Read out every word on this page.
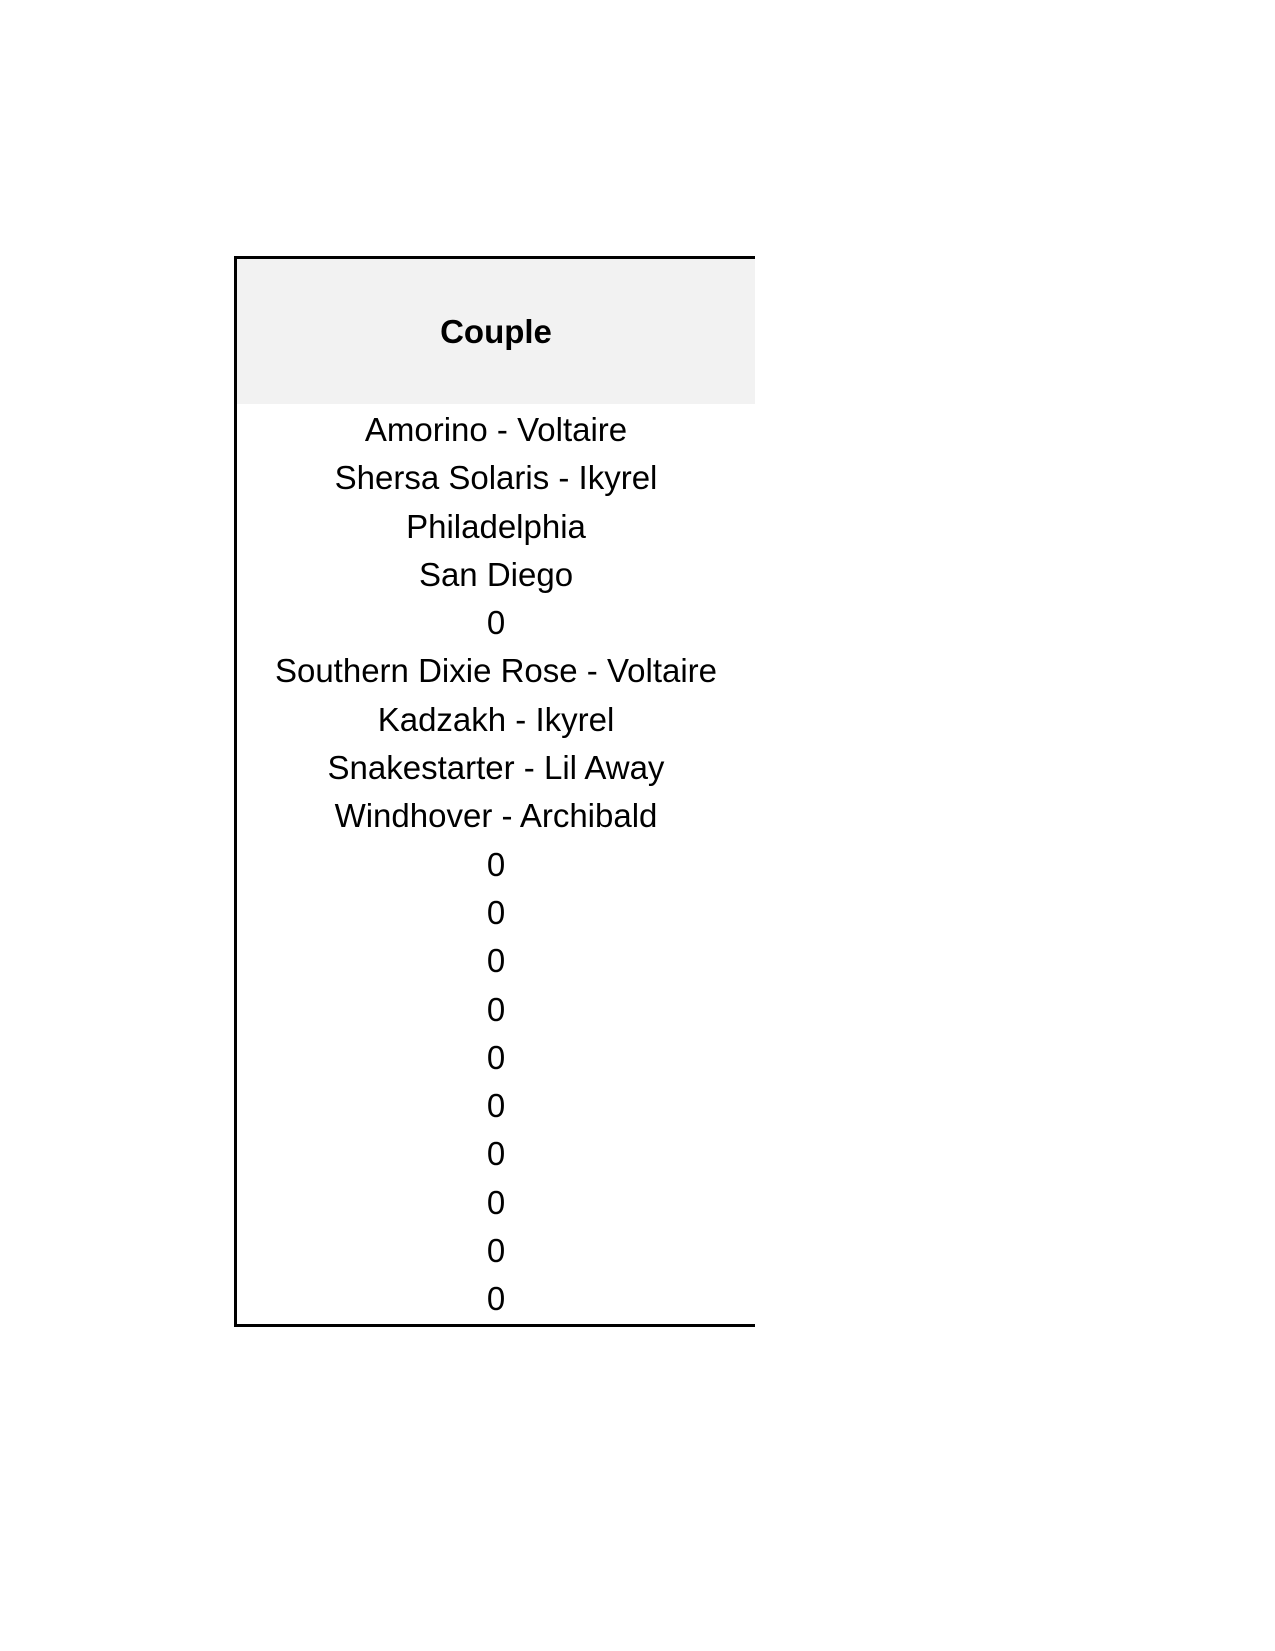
Couple
Amorino - Voltaire
Shersa Solaris - Ikyrel
Philadelphia
San Diego
0
Southern Dixie Rose - Voltaire
Kadzakh - Ikyrel
Snakestarter - Lil Away
Windhover - Archibald
0
0
0
0
0
0
0
0
0
0
